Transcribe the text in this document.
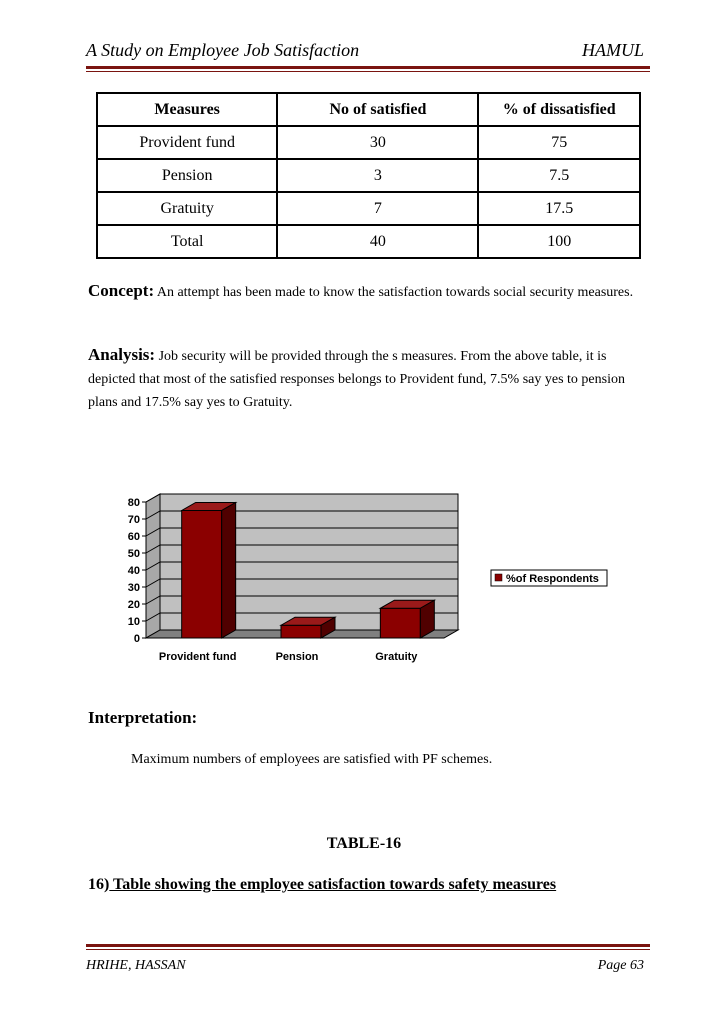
A Study on Employee Job Satisfaction	HAMUL
Measures	No of satisfied	% of dissatisfied
Provident fund	30	75
Pension	3	7.5
Gratuity	7	17.5
Total	40	100
Concept: An attempt has been made to know the satisfaction towards social security measures.
Analysis: Job security will be provided through the s measures. From the above table, it is depicted that most of the satisfied responses belongs to Provident fund, 7.5% say yes to pension plans and 17.5% say yes to Gratuity.
0
10
20
30
40
50
60
70
80
Provident fund	Pension	Gratuity
%of Respondents
Interpretation:
Maximum numbers of employees are satisfied with PF schemes.
TABLE-16
16) Table showing the employee satisfaction towards safety measures
HRIHE, HASSAN	Page 63
